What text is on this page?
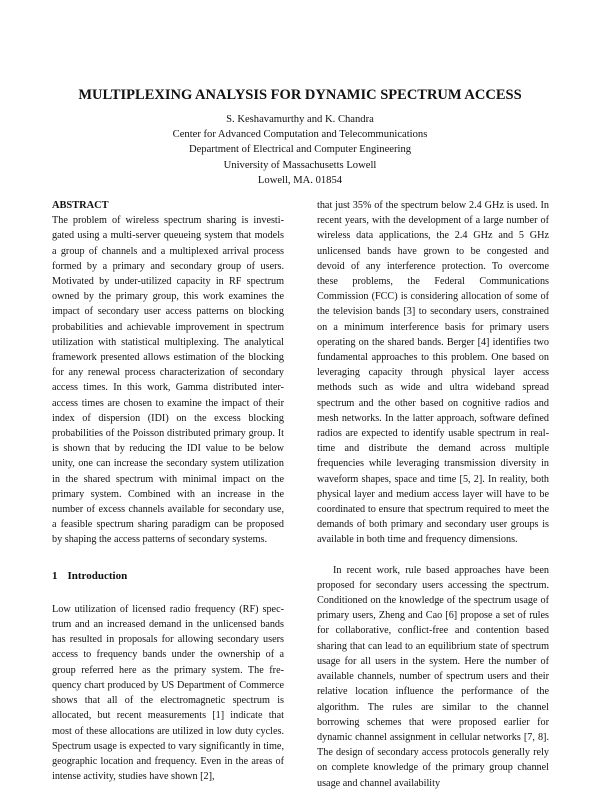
MULTIPLEXING ANALYSIS FOR DYNAMIC SPECTRUM ACCESS
S. Keshavamurthy and K. Chandra
Center for Advanced Computation and Telecommunications
Department of Electrical and Computer Engineering
University of Massachusetts Lowell
Lowell, MA. 01854
ABSTRACT

The problem of wireless spectrum sharing is investigated using a multi-server queueing system that models a group of channels and a multiplexed arrival process formed by a primary and secondary group of users. Motivated by under-utilized capacity in RF spectrum owned by the primary group, this work examines the impact of secondary user access patterns on blocking probabilities and achievable improvement in spectrum utilization with statistical multiplexing. The analytical framework presented allows estimation of the blocking for any renewal process characterization of secondary access times. In this work, Gamma distributed inter-access times are chosen to examine the impact of their index of dispersion (IDI) on the excess blocking probabilities of the Poisson distributed primary group. It is shown that by reducing the IDI value to be below unity, one can increase the secondary system utilization in the shared spectrum with minimal impact on the primary system. Combined with an increase in the number of excess channels available for secondary use, a feasible spectrum sharing paradigm can be proposed by shaping the access patterns of secondary systems.

1 Introduction

Low utilization of licensed radio frequency (RF) spectrum and an increased demand in the unlicensed bands has resulted in proposals for allowing secondary users access to frequency bands under the ownership of a group referred here as the primary system. The frequency chart produced by US Department of Commerce shows that all of the electromagnetic spectrum is allocated, but recent measurements [1] indicate that most of these allocations are utilized in low duty cycles. Spectrum usage is expected to vary significantly in time, geographic location and frequency. Even in the areas of intense activity, studies have shown [2],

that just 35% of the spectrum below 2.4 GHz is used. In recent years, with the development of a large number of wireless data applications, the 2.4 GHz and 5 GHz unlicensed bands have grown to be congested and devoid of any interference protection. To overcome these problems, the Federal Communications Commission (FCC) is considering allocation of some of the television bands [3] to secondary users, constrained on a minimum interference basis for primary users operating on the shared bands. Berger [4] identifies two fundamental approaches to this problem. One based on leveraging capacity through physical layer access methods such as wide and ultra wideband spread spectrum and the other based on cognitive radios and mesh networks. In the latter approach, software defined radios are expected to identify usable spectrum in real-time and distribute the demand across multiple frequencies while leveraging transmission diversity in waveform shapes, space and time [5, 2]. In reality, both physical layer and medium access layer will have to be coordinated to ensure that spectrum required to meet the demands of both primary and secondary user groups is available in both time and frequency dimensions.

In recent work, rule based approaches have been proposed for secondary users accessing the spectrum. Conditioned on the knowledge of the spectrum usage of primary users, Zheng and Cao [6] propose a set of rules for collaborative, conflict-free and contention based sharing that can lead to an equilibrium state of spectrum usage for all users in the system. Here the number of available channels, number of spectrum users and their relative location influence the performance of the algorithm. The rules are similar to the channel borrowing schemes that were proposed earlier for dynamic channel assignment in cellular networks [7, 8]. The design of secondary access protocols generally rely on complete knowledge of the primary group channel usage and channel availability
